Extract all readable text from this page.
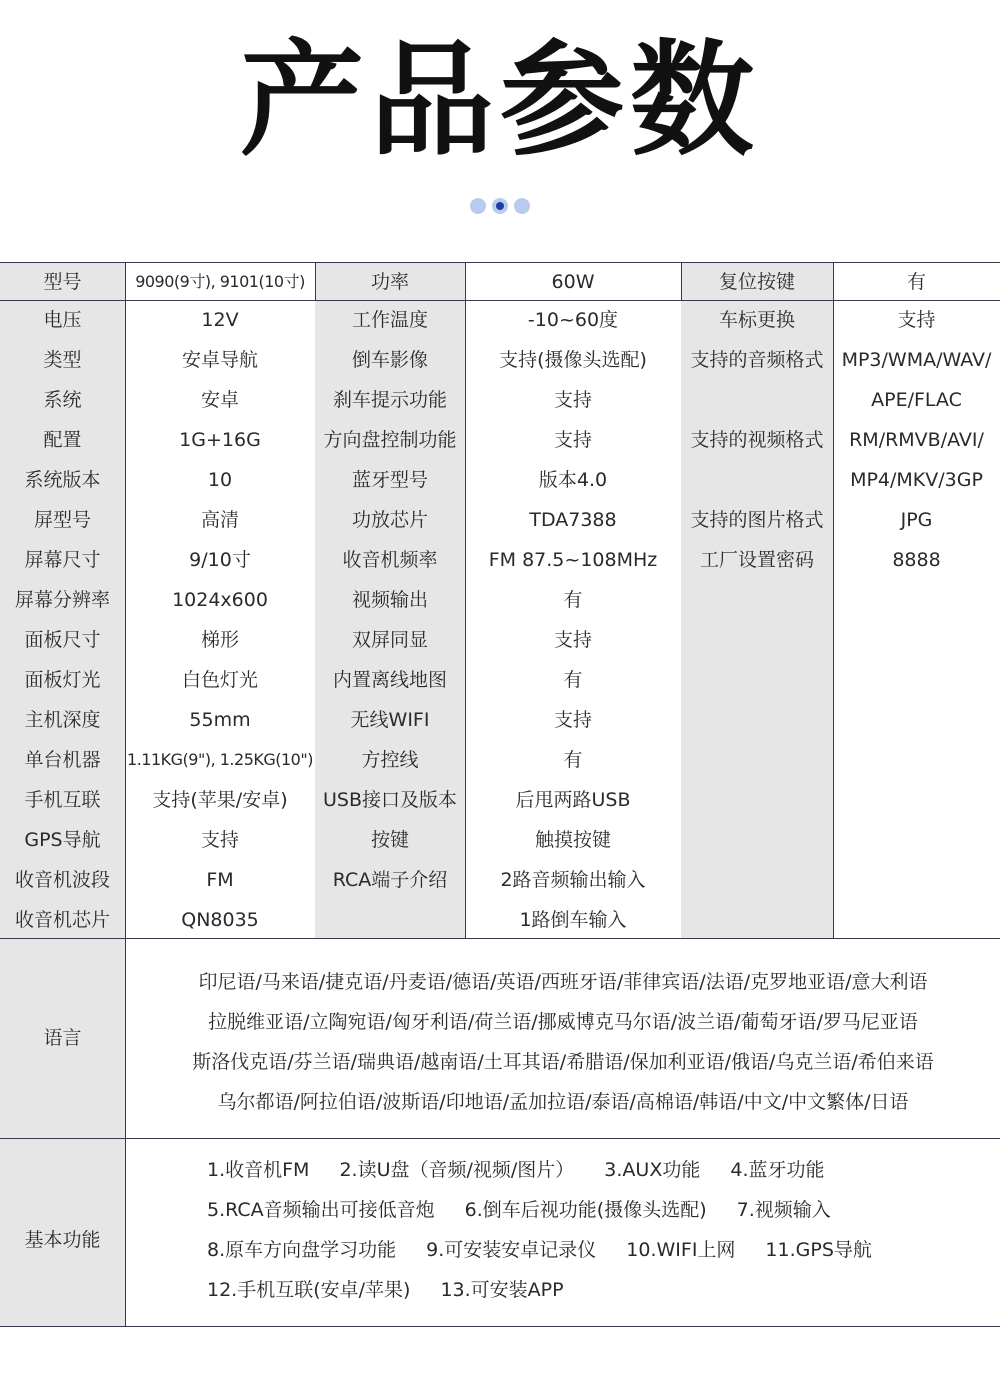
产品参数
型号
电压
类型
系统
配置
系统版本
屏型号
屏幕尺寸
屏幕分辨率
面板尺寸
面板灯光
主机深度
单台机器
手机互联
GPS导航
收音机波段
收音机芯片
9090(9寸), 9101(10寸)
12V
安卓导航
安卓
1G+16G
10
高清
9/10寸
1024x600
梯形
白色灯光
55mm
1.11KG(9"), 1.25KG(10")
支持(苹果/安卓)
支持
FM
QN8035
功率
工作温度
倒车影像
刹车提示功能
方向盘控制功能
蓝牙型号
功放芯片
收音机频率
视频输出
双屏同显
内置离线地图
无线WIFI
方控线
USB接口及版本
按键
RCA端子介绍
60W
-10~60度
支持(摄像头选配)
支持
支持
版本4.0
TDA7388
FM 87.5~108MHz
有
支持
有
支持
有
后甩两路USB
触摸按键
2路音频输出输入
1路倒车输入
复位按键
车标更换
支持的音频格式
支持的视频格式
支持的图片格式
工厂设置密码
有
支持
MP3/WMA/WAV/
APE/FLAC
RM/RMVB/AVI/
MP4/MKV/3GP
JPG
8888
语言
印尼语/马来语/捷克语/丹麦语/德语/英语/西班牙语/菲律宾语/法语/克罗地亚语/意大利语
拉脱维亚语/立陶宛语/匈牙利语/荷兰语/挪威博克马尔语/波兰语/葡萄牙语/罗马尼亚语
斯洛伐克语/芬兰语/瑞典语/越南语/土耳其语/希腊语/保加利亚语/俄语/乌克兰语/希伯来语
乌尔都语/阿拉伯语/波斯语/印地语/孟加拉语/泰语/高棉语/韩语/中文/中文繁体/日语
基本功能
1.收音机FM 2.读U盘（音频/视频/图片） 3.AUX功能 4.蓝牙功能
5.RCA音频输出可接低音炮 6.倒车后视功能(摄像头选配) 7.视频输入
8.原车方向盘学习功能 9.可安装安卓记录仪 10.WIFI上网 11.GPS导航
12.手机互联(安卓/苹果) 13.可安装APP
